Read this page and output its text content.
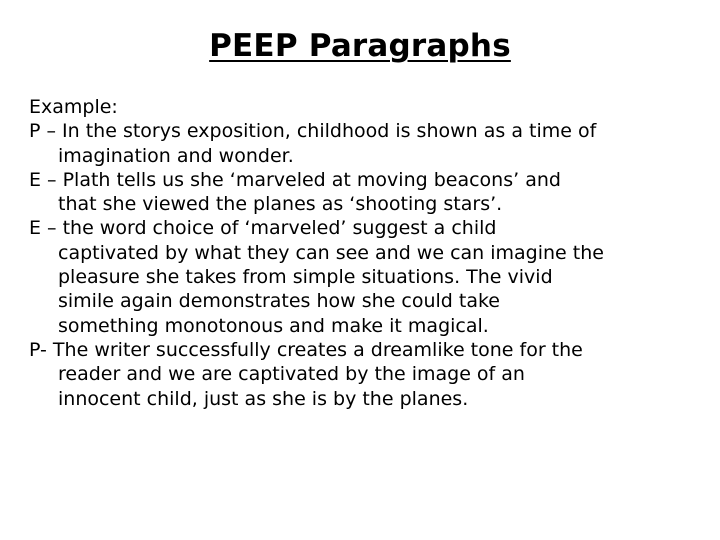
PEEP Paragraphs
Example:
P – In the storys exposition, childhood is shown as a time of
imagination and wonder.
E – Plath tells us she ‘marveled at moving beacons’ and
that she viewed the planes as ‘shooting stars’.
E – the word choice of ‘marveled’ suggest a child
captivated by what they can see and we can imagine the
pleasure she takes from simple situations. The vivid
simile again demonstrates how she could take
something monotonous and make it magical.
P- The writer successfully creates a dreamlike tone for the
reader and we are captivated by the image of an
innocent child, just as she is by the planes.
